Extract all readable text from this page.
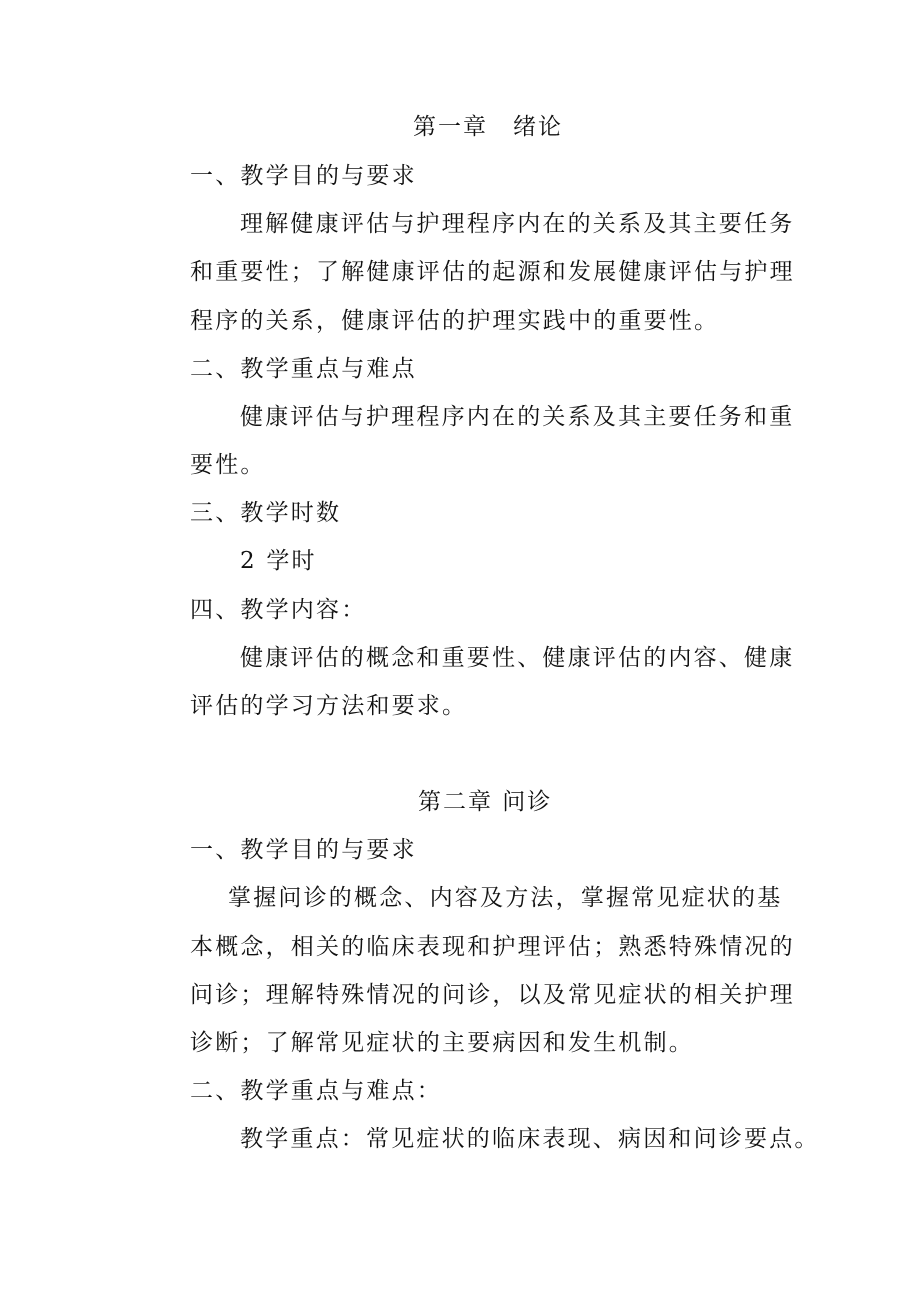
第一章　绪论
一、教学目的与要求
理解健康评估与护理程序内在的关系及其主要任务
和重要性；了解健康评估的起源和发展健康评估与护理
程序的关系，健康评估的护理实践中的重要性。
二、教学重点与难点
健康评估与护理程序内在的关系及其主要任务和重
要性。
三、教学时数
2 学时
四、教学内容：
健康评估的概念和重要性、健康评估的内容、健康
评估的学习方法和要求。
第二章 问诊
一、教学目的与要求
掌握问诊的概念、内容及方法，掌握常见症状的基
本概念，相关的临床表现和护理评估；熟悉特殊情况的
问诊；理解特殊情况的问诊，以及常见症状的相关护理
诊断；了解常见症状的主要病因和发生机制。
二、教学重点与难点：
教学重点：常见症状的临床表现、病因和问诊要点。
